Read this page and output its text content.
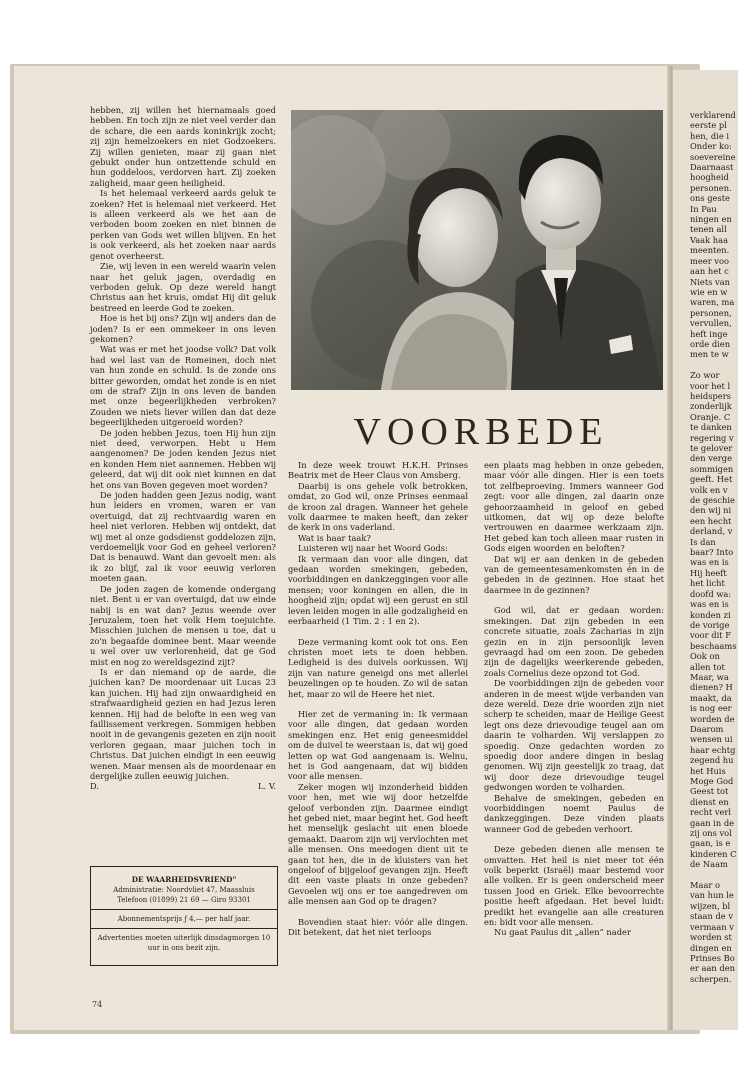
hebben, zij willen het hiernamaals goed hebben. En toch zijn ze niet veel verder dan de schare, die een aards koninkrijk zocht; zij zijn hemelzoekers en niet Godzoekers. Zij willen genieten, maar zij gaan niet gebukt onder hun ontzettende schuld en hun goddeloos, verdorven hart. Zij zoeken zaligheid, maar geen heiligheid.

Is het helemaal verkeerd aards geluk te zoeken? Het is helemaal niet verkeerd. Het is alleen verkeerd als we het aan de verboden boom zoeken en niet binnen de perken van Gods wet willen blijven. En het is ook verkeerd, als het zoeken naar aards genot overheerst.

Zie, wij leven in een wereld waarin velen naar het geluk jagen, overdadig en verboden geluk. Op deze wereld hangt Christus aan het kruis, omdat Hij dit geluk bestreed en leerde God te zoeken.

Hoe is het bij ons? Zijn wij anders dan de joden? Is er een ommekeer in ons leven gekomen?

Wat was er met het joodse volk? Dat volk had wel last van de Romeinen, doch niet van hun zonde en schuld. Is de zonde ons bitter geworden, omdat het zonde is en niet om de straf? Zijn in ons leven de banden met onze begeerlijkheden verbroken? Zouden we niets liever willen dan dat deze begeerlijkheden uitgeroeid worden?

De joden hebben Jezus, toen Hij hun zijn niet deed, verworpen. Hebt u Hem aangenomen? De joden kenden Jezus niet en konden Hem niet aannemen. Hebben wij geleerd, dat wij dit ook niet kunnen en dat het ons van Boven gegeven moet worden?

De joden hadden geen Jezus nodig, want hun leiders en vromen, waren er van overtuigd, dat zij rechtvaardig waren en heel niet verloren. Hebben wij ontdekt, dat wij met al onze godsdienst goddelozen zijn, verdoemelijk voor God en geheel verloren? Dat is benauwd. Want dan gevoelt men: als ik zo blijf, zal ik voor eeuwig verloren moeten gaan.

De joden zagen de komende ondergang niet. Bent u er van overtuigd, dat uw einde nabij is en wat dan? Jezus weende over Jeruzalem, toen het volk Hem toejuichte. Misschien juichen de mensen u toe, dat u zo'n begaafde dominee bent. Maar weende u wel over uw verlorenheid, dat ge God mist en nog zo wereldsgezind zijt?

Is er dan niemand op de aarde, die juichen kan? De moordenaar uit Lucas 23 kan juichen. Hij had zijn onwaardigheid en strafwaardigheid gezien en had Jezus leren kennen. Hij had de belofte in een weg van faillissement verkregen. Sommigen hebben nooit in de gevangenis gezeten en zijn nooit verloren gegaan, maar juichen toch in Christus. Dat juichen eindigt in een eeuwig wenen. Maar mensen als de moordenaar en dergelijke zullen eeuwig juichen.

D.	L. V.
VOORBEDE

In deze week trouwt H.K.H. Prinses Beatrix met de Heer Claus von Amsberg.

Daarbij is ons gehele volk betrokken, omdat, zo God wil, onze Prinses eenmaal de kroon zal dragen. Wanneer het gehele volk daarmee te maken heeft, dan zeker de kerk in ons vaderland.

Wat is haar taak?

Luisteren wij naar het Woord Gods:

Ik vermaan dan voor alle dingen, dat gedaan worden smekingen, gebeden, voorbiddingen en dankzeggingen voor alle mensen; voor koningen en allen, die in hoogheid zijn; opdat wij een gerust en stil leven leiden mogen in alle godzaligheid en eerbaarheid (1 Tim. 2 : 1 en 2).

Deze vermaning komt ook tot ons. Een christen moet iets te doen hebben. Ledigheid is des duivels oorkussen. Wij zijn van nature geneigd ons met allerlei beuzelingen op te houden. Zo wil de satan het, maar zo wil de Heere het niet.

Hier zet de vermaning in: Ik vermaan voor alle dingen, dat gedaan worden smekingen enz. Het enig geneesmiddel om de duivel te weerstaan is, dat wij goed letten op wat God aangenaam is. Welnu, het is God aangenaam, dat wij bidden voor alle mensen.

Zeker mogen wij inzonderheid bidden voor hen, met wie wij door hetzelfde geloof verbonden zijn. Daarmee eindigt het gebed niet, maar begint het. God heeft het menselijk geslacht uit enen bloede gemaakt. Daarom zijn wij vervlochten met alle mensen. Ons meedogen dient uit te gaan tot hen, die in de kluisters van het ongeloof of bijgeloof gevangen zijn. Heeft dit een vaste plaats in onze gebeden? Gevoelen wij ons er toe aangedreven om alle mensen aan God op te dragen?

Bovendien staat hier: vóór alle dingen. Dit betekent, dat het niet terloops

een plaats mag hebben in onze gebeden, maar vóór alle dingen. Hier is een toets tot zelfbeproeving. Immers wanneer God zegt: voor alle dingen, zal daarin onze gehoorzaamheid in geloof en gebed uitkomen, dat wij op deze belofte vertrouwen en daarmee werkzaam zijn. Het gebed kan toch alleen maar rusten in Gods eigen woorden en beloften?

Dat wij er aan denken in de gebeden van de gemeentesamenkomsten én in de gebeden in de gezinnen. Hoe staat het daarmee in de gezinnen?

God wil, dat er gedaan worden: smekingen. Dat zijn gebeden in een concrete situatie, zoals Zacharias in zijn gezin en in zijn persoonlijk leven gevraagd had om een zoon. De gebeden zijn de dagelijks weerkerende gebeden, zoals Cornelius deze opzond tot God.

De voorbiddingen zijn de gebeden voor anderen in de meest wijde verbanden van deze wereld. Deze drie woorden zijn niet scherp te scheiden, maar de Heilige Geest legt ons deze drievoudige teugel aan om daarin te volharden. Wij verslappen zo spoedig. Onze gedachten worden zo spoedig door andere dingen in beslag genomen. Wij zijn geestelijk zo traag, dat wij door deze drievoudige teugel gedwongen worden te volharden.

Behalve de smekingen, gebeden en voorbiddingen noemt Paulus de dankzeggingen. Deze vinden plaats wanneer God de gebeden verhoort.

Deze gebeden dienen alle mensen te omvatten. Het heil is niet meer tot één volk beperkt (Israël) maar bestemd voor alle volken. Er is geen onderscheid meer tussen Jood en Griek. Elke bevoorrechte positie heeft afgedaan. Het bevel luidt: predikt het evangelie aan alle creaturen en: bidt voor alle mensen.

Nu gaat Paulus dit „allen” nader

DE WAARHEIDSVRIEND"
Administratie: Noordvliet 47, Maassluis
Telefoon (01899) 21 69 — Giro 93301
Abonnementsprijs ƒ 4,— per half jaar.
Advertenties moeten uiterlijk dinsdagmorgen 10 uur in ons bezit zijn.
74

verklarend

eerste pl

hen, die i

Onder ko:

soevereine

Daarnaast

hoogheid

personen.

ons geste

In Pau

ningen en

tenen all

Vaak haa

meenten.

meer voo

aan het c

Niets van

wie en w

waren, ma

personen,

vervullen,

heft inge

orde dien

men te w

Zo wor

voor het l

heidspers

zonderlijk

Oranje. C

te danken

regering v

te gelover

den verge

sommigen

geeft. Het

volk en v

de geschie

den wij ni

een hecht

derland, v

Is dan

baar? Into

was en is

Hij heeft

het licht

doofd wa:

was en is

konden zi

de vorige

voor dit F

beschaams

Ook on

allen tot

Maar, wa

dienen? H

maakt, da

is nog eer

worden de

Daarom

wensen ui

haar echtg

zegend hu

het Huis

Moge God

Geest tot

dienst en

recht verl

gaan in de

zij ons vol

gaan, is e

kinderen C

de Naam

Maar o

van hun le

wijzen, bl

staan de v

vermaan v

worden st

dingen en

Prinses Bo

er aan den

scherpen.
